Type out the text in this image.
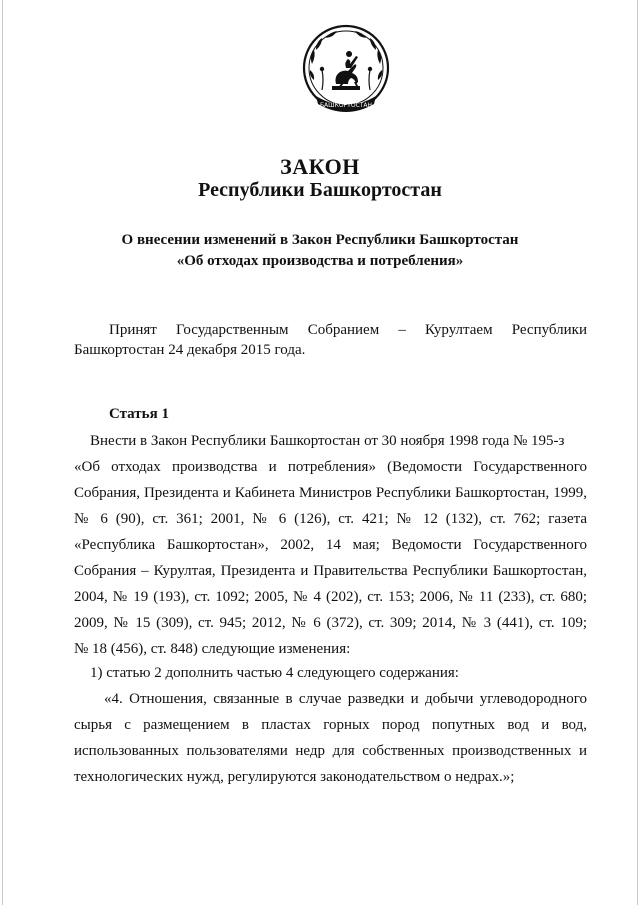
БАШКОРТОСТАН
ЗАКОН
Республики Башкортостан

О внесении изменений в Закон Республики Башкортостан

«Об отходах производства и потребления»

Принят Государственным Собранием – Курултаем Республики

Башкортостан 24 декабря 2015 года.

Статья 1

Внести в Закон Республики Башкортостан от 30 ноября 1998 года № 195-з

«Об отходах производства и потребления» (Ведомости Государственного

Собрания, Президента и Кабинета Министров Республики Башкортостан, 1999,

№ 6 (90), ст. 361; 2001, № 6 (126), ст. 421; № 12 (132), ст. 762; газета

«Республика Башкортостан», 2002, 14 мая; Ведомости Государственного

Собрания – Курултая, Президента и Правительства Республики Башкортостан,

2004, № 19 (193), ст. 1092; 2005, № 4 (202), ст. 153; 2006, № 11 (233), ст. 680;

2009, № 15 (309), ст. 945; 2012, № 6 (372), ст. 309; 2014, № 3 (441), ст. 109;

№ 18 (456), ст. 848) следующие изменения:

1) статью 2 дополнить частью 4 следующего содержания:

«4. Отношения, связанные в случае разведки и добычи углеводородного

сырья с размещением в пластах горных пород попутных вод и вод,

использованных пользователями недр для собственных производственных и

технологических нужд, регулируются законодательством о недрах.»;
